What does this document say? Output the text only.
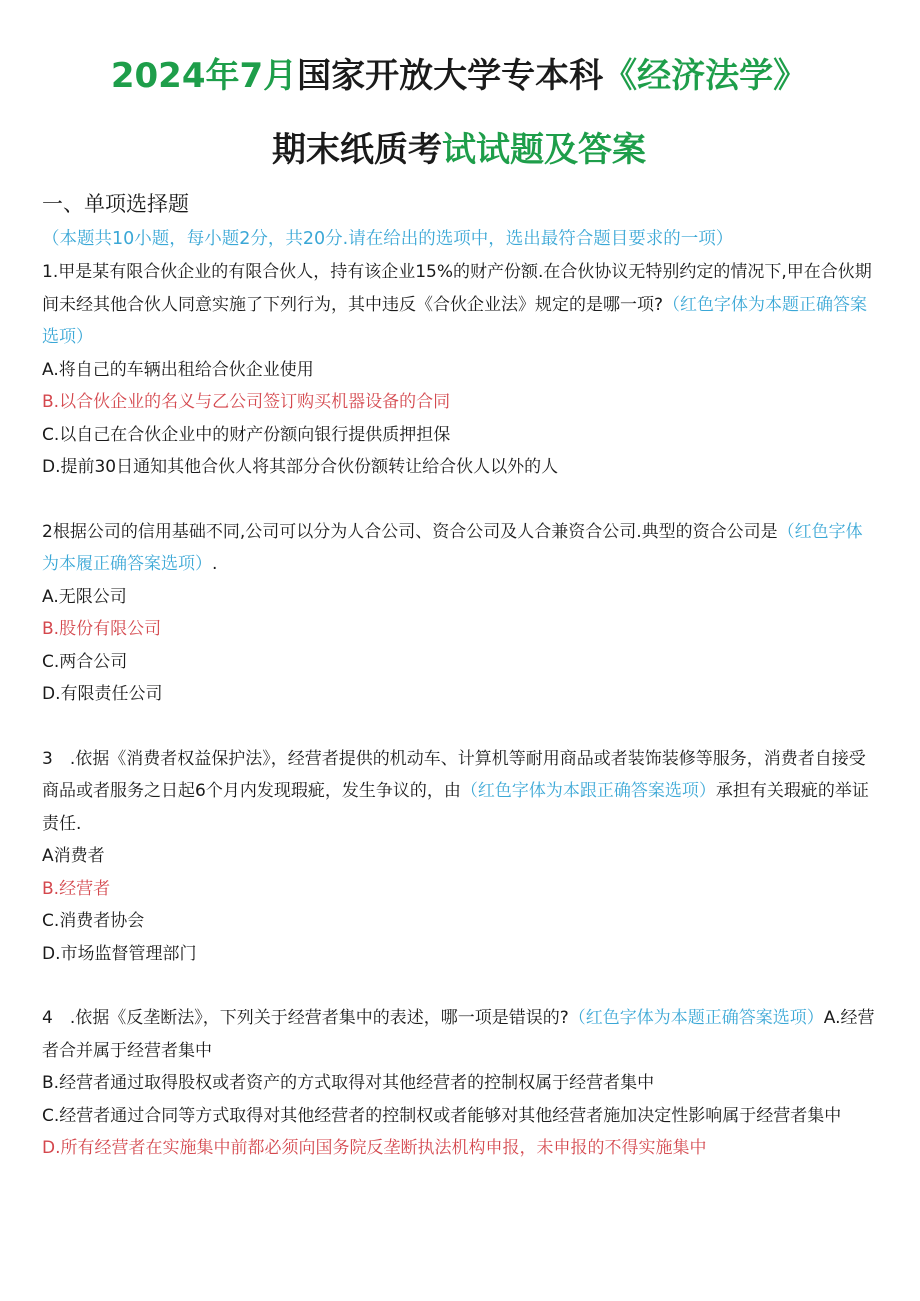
2024年7月国家开放大学专本科《经济法学》
期末纸质考试试题及答案
一、单项选择题（本题共10小题，每小题2分，共20分.请在给出的选项中，选出最符合题目要求的一项）
1.甲是某有限合伙企业的有限合伙人，持有该企业15%的财产份额.在合伙协议无特别约定的情况下,甲在合伙期间未经其他合伙人同意实施了下列行为，其中违反《合伙企业法》规定的是哪一项?（红色字体为本题正确答案选项）
A.将自己的车辆出租给合伙企业使用
B.以合伙企业的名义与乙公司签订购买机器设备的合同
C.以自己在合伙企业中的财产份额向银行提供质押担保
D.提前30日通知其他合伙人将其部分合伙份额转让给合伙人以外的人
2根据公司的信用基础不同,公司可以分为人合公司、资合公司及人合兼资合公司.典型的资合公司是（红色字体为本履正确答案选项）.
A.无限公司
B.股份有限公司
C.两合公司
D.有限责任公司
3　.依据《消费者权益保护法》，经营者提供的机动车、计算机等耐用商品或者装饰装修等服务，消费者自接受商品或者服务之日起6个月内发现瑕疵，发生争议的，由（红色字体为本跟正确答案选项）承担有关瑕疵的举证责任.
A消费者
B.经营者
C.消费者协会
D.市场监督管理部门
4　.依据《反垄断法》，下列关于经营者集中的表述，哪一项是错误的?（红色字体为本题正确答案选项）A.经营者合并属于经营者集中
B.经营者通过取得股权或者资产的方式取得对其他经营者的控制权属于经营者集中
C.经营者通过合同等方式取得对其他经营者的控制权或者能够对其他经营者施加决定性影响属于经营者集中
D.所有经营者在实施集中前都必须向国务院反垄断执法机构申报，未申报的不得实施集中
